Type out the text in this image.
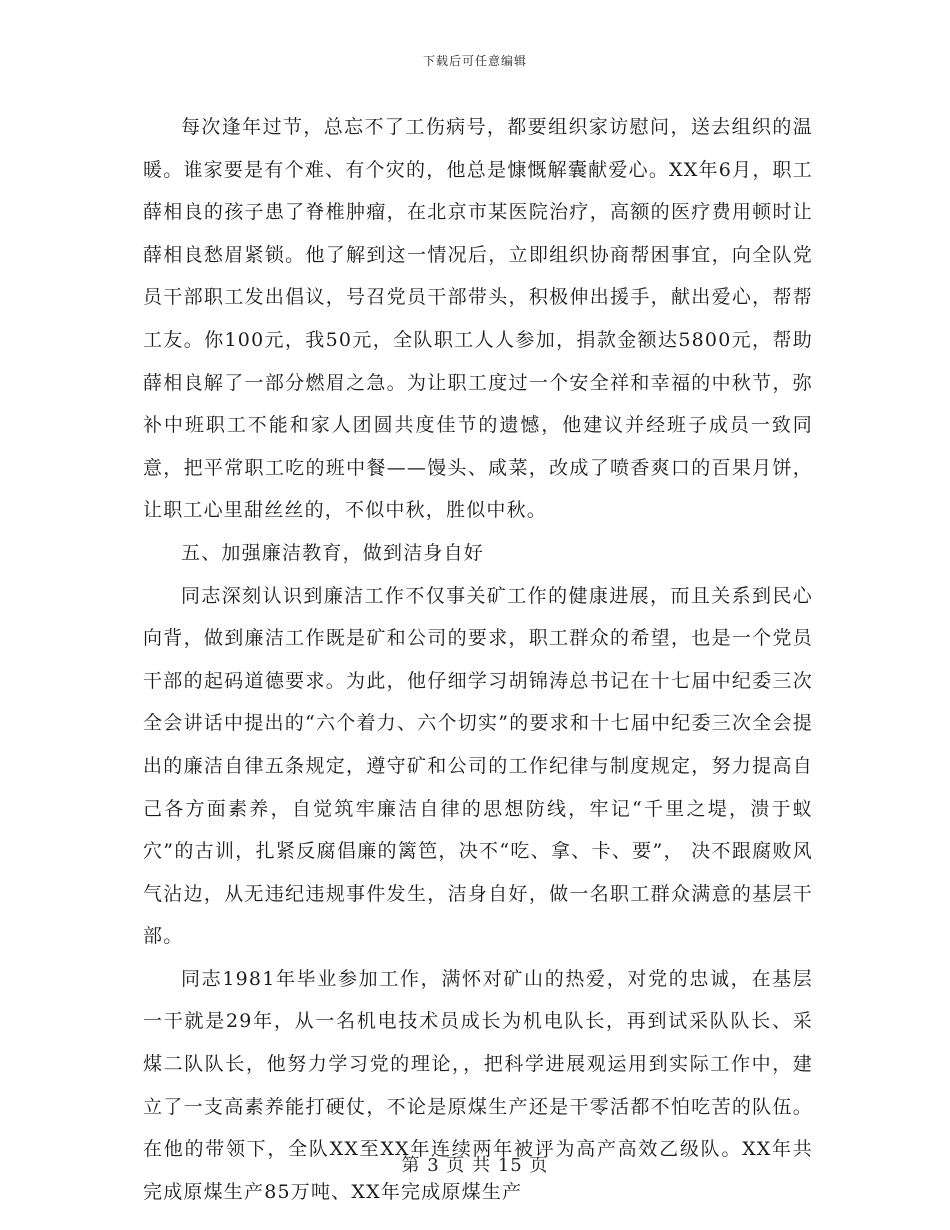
下载后可任意编辑

每次逢年过节，总忘不了工伤病号，都要组织家访慰问，送去组织的温暖。谁家要是有个难、有个灾的，他总是慷慨解囊献爱心。XX年6月，职工薛相良的孩子患了脊椎肿瘤，在北京市某医院治疗，高额的医疗费用顿时让薛相良愁眉紧锁。他了解到这一情况后，立即组织协商帮困事宜，向全队党员干部职工发出倡议，号召党员干部带头，积极伸出援手，献出爱心，帮帮工友。你100元，我50元，全队职工人人参加，捐款金额达5800元，帮助薛相良解了一部分燃眉之急。为让职工度过一个安全祥和幸福的中秋节，弥补中班职工不能和家人团圆共度佳节的遗憾，他建议并经班子成员一致同意，把平常职工吃的班中餐——馒头、咸菜，改成了喷香爽口的百果月饼，让职工心里甜丝丝的，不似中秋，胜似中秋。

五、加强廉洁教育，做到洁身自好

同志深刻认识到廉洁工作不仅事关矿工作的健康进展，而且关系到民心向背，做到廉洁工作既是矿和公司的要求，职工群众的希望，也是一个党员干部的起码道德要求。为此，他仔细学习胡锦涛总书记在十七届中纪委三次全会讲话中提出的“六个着力、六个切实”的要求和十七届中纪委三次全会提出的廉洁自律五条规定，遵守矿和公司的工作纪律与制度规定，努力提高自己各方面素养，自觉筑牢廉洁自律的思想防线，牢记“千里之堤，溃于蚁穴”的古训，扎紧反腐倡廉的篱笆，决不“吃、拿、卡、要”， 决不跟腐败风气沾边，从无违纪违规事件发生，洁身自好，做一名职工群众满意的基层干部。

同志1981年毕业参加工作，满怀对矿山的热爱，对党的忠诚，在基层一干就是29年，从一名机电技术员成长为机电队长，再到试采队队长、采煤二队队长，他努力学习党的理论，，把科学进展观运用到实际工作中，建立了一支高素养能打硬仗，不论是原煤生产还是干零活都不怕吃苦的队伍。在他的带领下，全队XX至XX年连续两年被评为高产高效乙级队。XX年共完成原煤生产85万吨、XX年完成原煤生产

第 3 页 共 15 页
